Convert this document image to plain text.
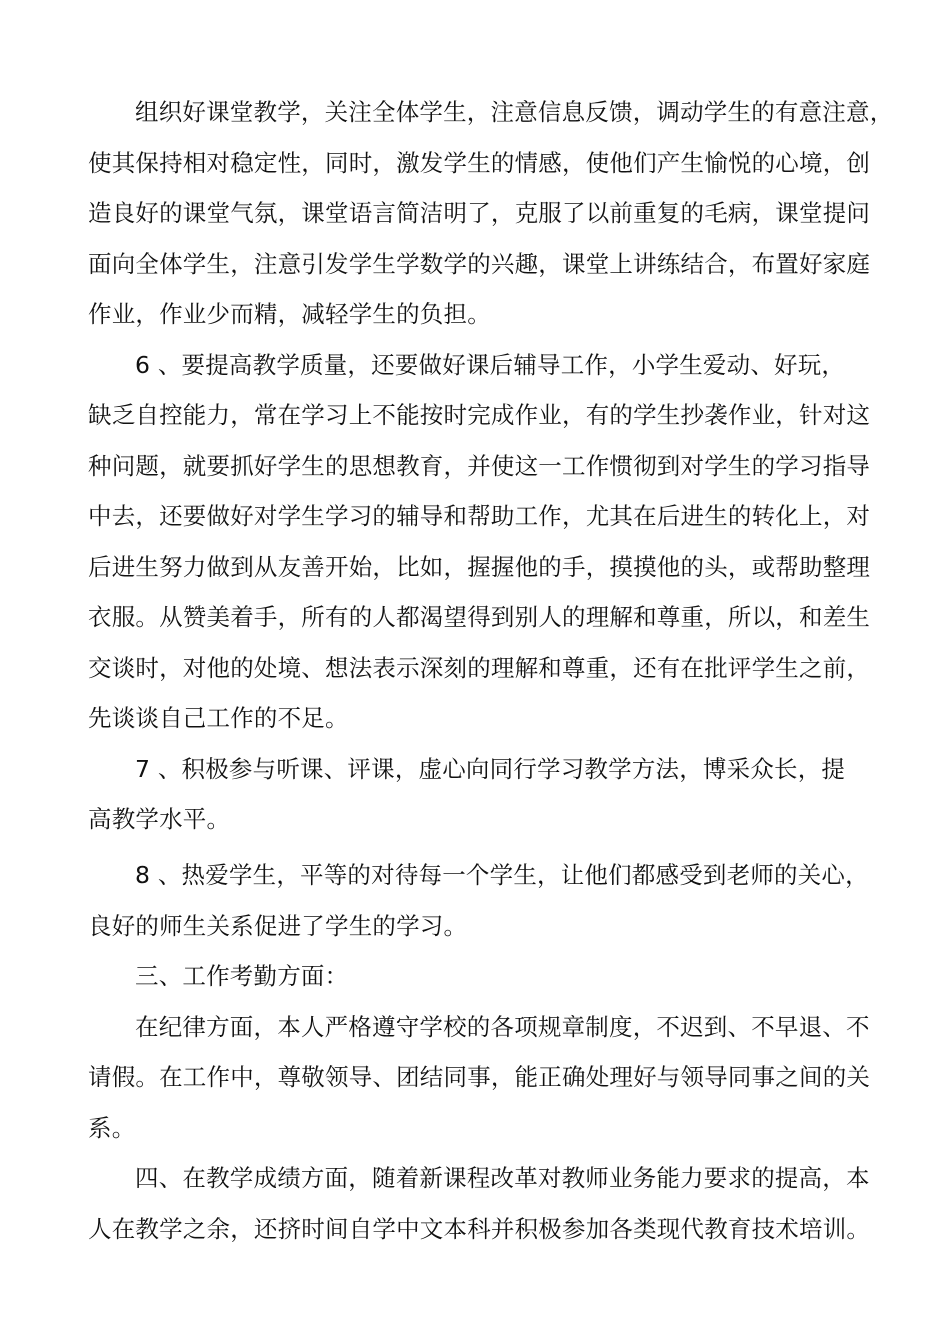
组织好课堂教学，关注全体学生，注意信息反馈，调动学生的有意注意，
使其保持相对稳定性，同时，激发学生的情感，使他们产生愉悦的心境，创
造良好的课堂气氛，课堂语言简洁明了，克服了以前重复的毛病，课堂提问
面向全体学生，注意引发学生学数学的兴趣，课堂上讲练结合，布置好家庭
作业，作业少而精，减轻学生的负担。
6 、要提高教学质量，还要做好课后辅导工作，小学生爱动、好玩，
缺乏自控能力，常在学习上不能按时完成作业，有的学生抄袭作业，针对这
种问题，就要抓好学生的思想教育，并使这一工作惯彻到对学生的学习指导
中去，还要做好对学生学习的辅导和帮助工作，尤其在后进生的转化上，对
后进生努力做到从友善开始，比如，握握他的手，摸摸他的头，或帮助整理
衣服。从赞美着手，所有的人都渴望得到别人的理解和尊重，所以，和差生
交谈时，对他的处境、想法表示深刻的理解和尊重，还有在批评学生之前，
先谈谈自己工作的不足。
7 、积极参与听课、评课，虚心向同行学习教学方法，博采众长，提
高教学水平。
8 、热爱学生，平等的对待每一个学生，让他们都感受到老师的关心，
良好的师生关系促进了学生的学习。
三、工作考勤方面：
在纪律方面，本人严格遵守学校的各项规章制度，不迟到、不早退、不
请假。在工作中，尊敬领导、团结同事，能正确处理好与领导同事之间的关
系。
四、在教学成绩方面，随着新课程改革对教师业务能力要求的提高，本
人在教学之余，还挤时间自学中文本科并积极参加各类现代教育技术培训。
